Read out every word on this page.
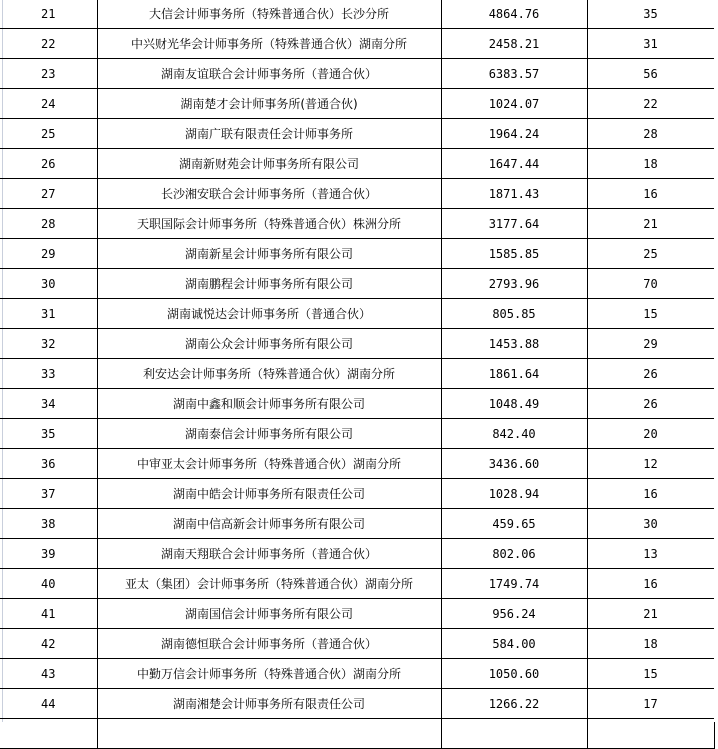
21	大信会计师事务所（特殊普通合伙）长沙分所	4864.76	35
22	中兴财光华会计师事务所（特殊普通合伙）湖南分所	2458.21	31
23	湖南友谊联合会计师事务所（普通合伙）	6383.57	56
24	湖南楚才会计师事务所(普通合伙)	1024.07	22
25	湖南广联有限责任会计师事务所	1964.24	28
26	湖南新财苑会计师事务所有限公司	1647.44	18
27	长沙湘安联合会计师事务所（普通合伙）	1871.43	16
28	天职国际会计师事务所（特殊普通合伙）株洲分所	3177.64	21
29	湖南新星会计师事务所有限公司	1585.85	25
30	湖南鹏程会计师事务所有限公司	2793.96	70
31	湖南诚悦达会计师事务所（普通合伙）	805.85	15
32	湖南公众会计师事务所有限公司	1453.88	29
33	利安达会计师事务所（特殊普通合伙）湖南分所	1861.64	26
34	湖南中鑫和顺会计师事务所有限公司	1048.49	26
35	湖南泰信会计师事务所有限公司	842.40	20
36	中审亚太会计师事务所（特殊普通合伙）湖南分所	3436.60	12
37	湖南中皓会计师事务所有限责任公司	1028.94	16
38	湖南中信高新会计师事务所有限公司	459.65	30
39	湖南天翔联合会计师事务所（普通合伙）	802.06	13
40	亚太（集团）会计师事务所（特殊普通合伙）湖南分所	1749.74	16
41	湖南国信会计师事务所有限公司	956.24	21
42	湖南德恒联合会计师事务所（普通合伙）	584.00	18
43	中勤万信会计师事务所（特殊普通合伙）湖南分所	1050.60	15
44	湖南湘楚会计师事务所有限责任公司	1266.22	17
